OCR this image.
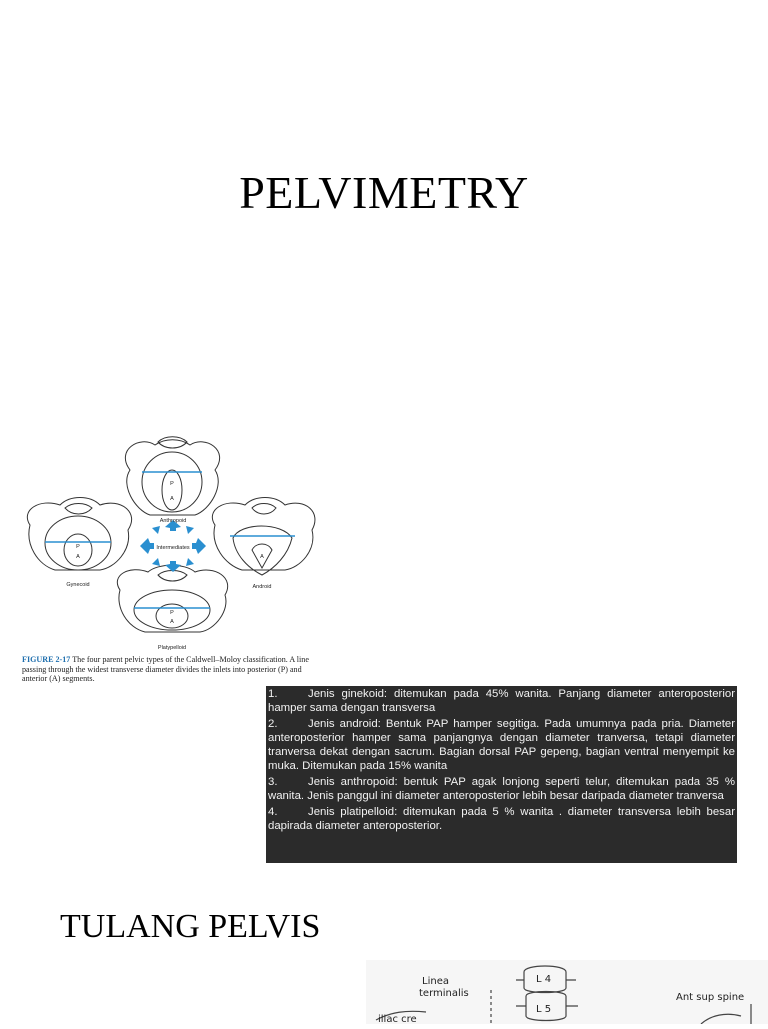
PELVIMETRY
Anthropoid
Intermediates
Gynecoid	Android
Platypelloid
P
A
P
A	A
P
A
FIGURE 2-17 The four parent pelvic types of the Caldwell–Moloy classification. A line passing through the widest transverse diameter divides the inlets into posterior (P) and anterior (A) segments.
1.	Jenis ginekoid: ditemukan pada 45% wanita. Panjang diameter anteroposterior hamper sama dengan transversa
2.	Jenis android: Bentuk PAP hamper segitiga. Pada umumnya pada pria. Diameter anteroposterior hamper sama panjangnya dengan diameter tranversa, tetapi diameter tranversa dekat dengan sacrum. Bagian dorsal PAP gepeng, bagian ventral menyempit ke muka. Ditemukan pada 15% wanita
3.	Jenis anthropoid: bentuk PAP agak lonjong seperti telur, ditemukan pada 35 % wanita. Jenis panggul ini diameter anteroposterior lebih besar daripada diameter tranversa
4.	Jenis platipelloid: ditemukan pada 5 % wanita . diameter transversa lebih besar dapirada diameter anteroposterior.
TULANG PELVIS
Linea
terminalis
L 4
L 5
Ant sup spine
iliac cre
